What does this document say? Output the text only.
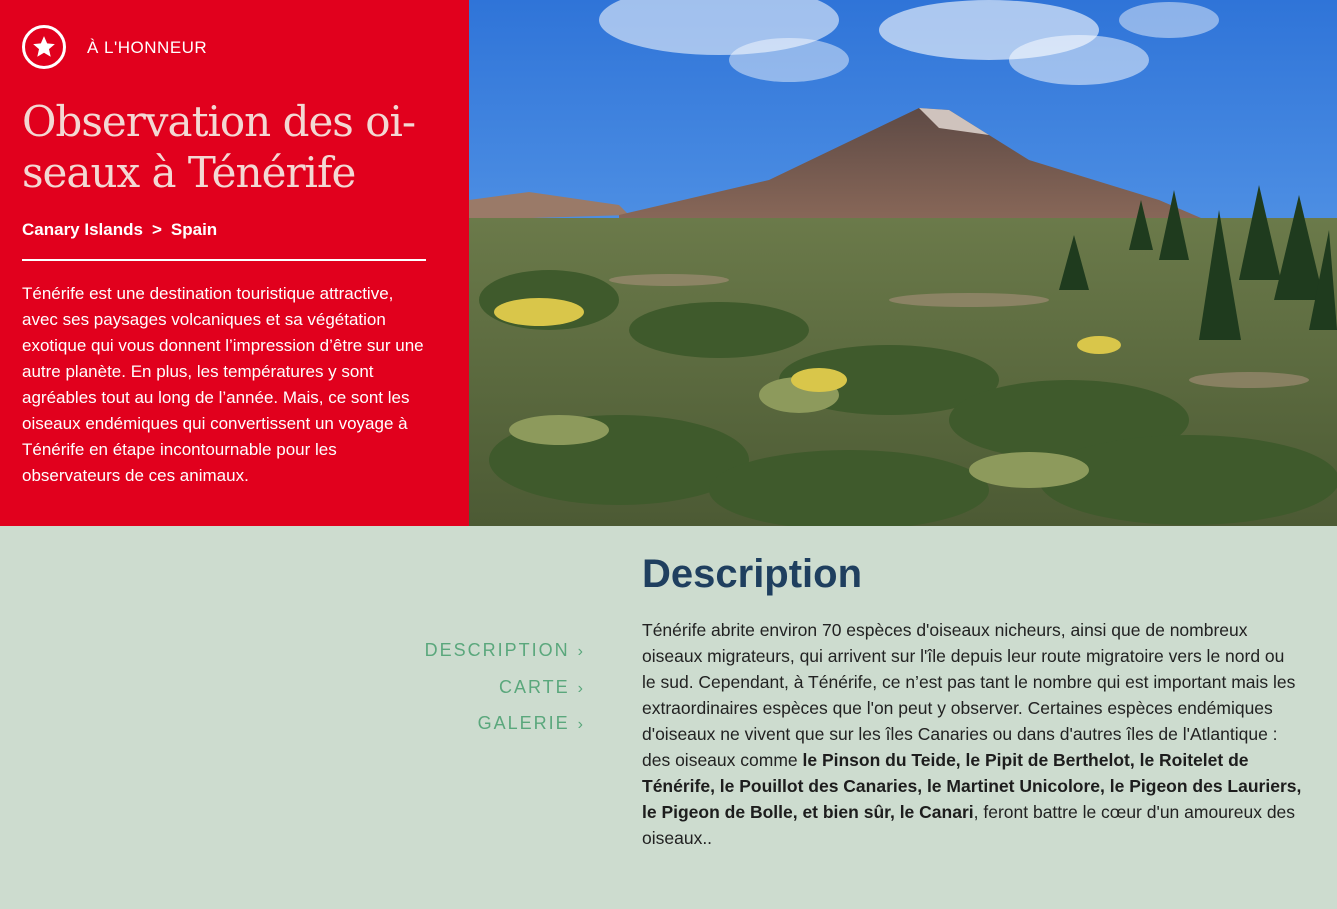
À L'HONNEUR
Observation des oi-seaux à Ténérife
Canary Islands > Spain

Ténérife est une destination touristique attractive, avec ses paysages volcaniques et sa végétation exotique qui vous donnent l’impression d’être sur une autre planète. En plus, les températures y sont agréables tout au long de l’année. Mais, ce sont les oiseaux endémiques qui convertissent un voyage à Ténérife en étape incontournable pour les observateurs de ces animaux.

DESCRIPTION ›
CARTE ›
GALERIE ›
Description

Ténérife abrite environ 70 espèces d'oiseaux nicheurs, ainsi que de nombreux oiseaux migrateurs, qui arrivent sur l'île depuis leur route migratoire vers le nord ou le sud. Cependant, à Ténérife, ce n’est pas tant le nombre qui est important mais les extraordinaires espèces que l'on peut y observer. Certaines espèces endémiques d'oiseaux ne vivent que sur les îles Canaries ou dans d'autres îles de l'Atlantique : des oiseaux comme le Pinson du Teide, le Pipit de Berthelot, le Roitelet de Ténérife, le Pouillot des Canaries, le Martinet Unicolore, le Pigeon des Lauriers, le Pigeon de Bolle, et bien sûr, le Canari, feront battre le cœur d'un amoureux des oiseaux..
